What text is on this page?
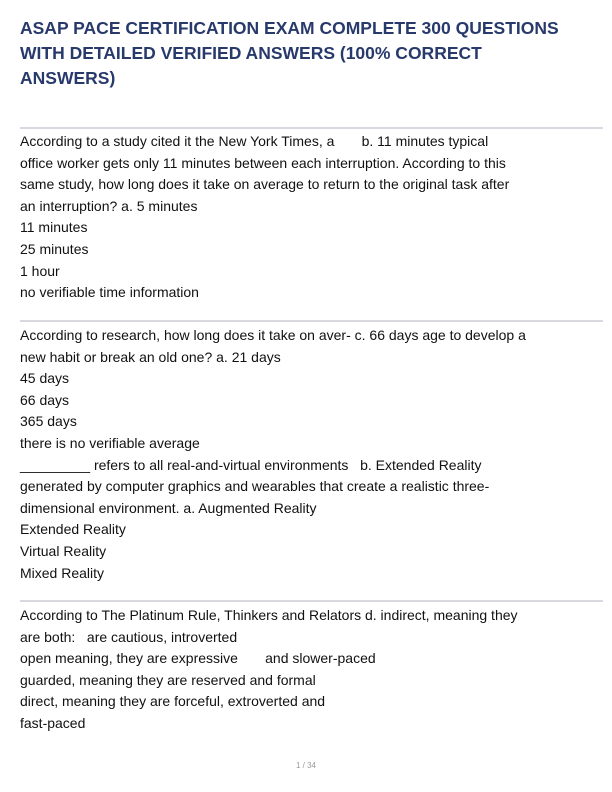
ASAP PACE CERTIFICATION EXAM COMPLETE 300 QUESTIONS
WITH DETAILED VERIFIED ANSWERS (100% CORRECT
ANSWERS)
According to a study cited it the New York Times, a       b. 11 minutes typical
office worker gets only 11 minutes between each interruption. According to this
same study, how long does it take on average to return to the original task after
an interruption? a. 5 minutes
11 minutes
25 minutes
1 hour
no verifiable time information
According to research, how long does it take on aver- c. 66 days age to develop a
new habit or break an old one? a. 21 days
45 days
66 days
365 days
there is no verifiable average
_________ refers to all real-and-virtual environments   b. Extended Reality
generated by computer graphics and wearables that create a realistic three-
dimensional environment. a. Augmented Reality
Extended Reality
Virtual Reality
Mixed Reality
According to The Platinum Rule, Thinkers and Relators d. indirect, meaning they
are both:   are cautious, introverted
open meaning, they are expressive       and slower-paced
guarded, meaning they are reserved and formal
direct, meaning they are forceful, extroverted and
fast-paced
1 / 34
